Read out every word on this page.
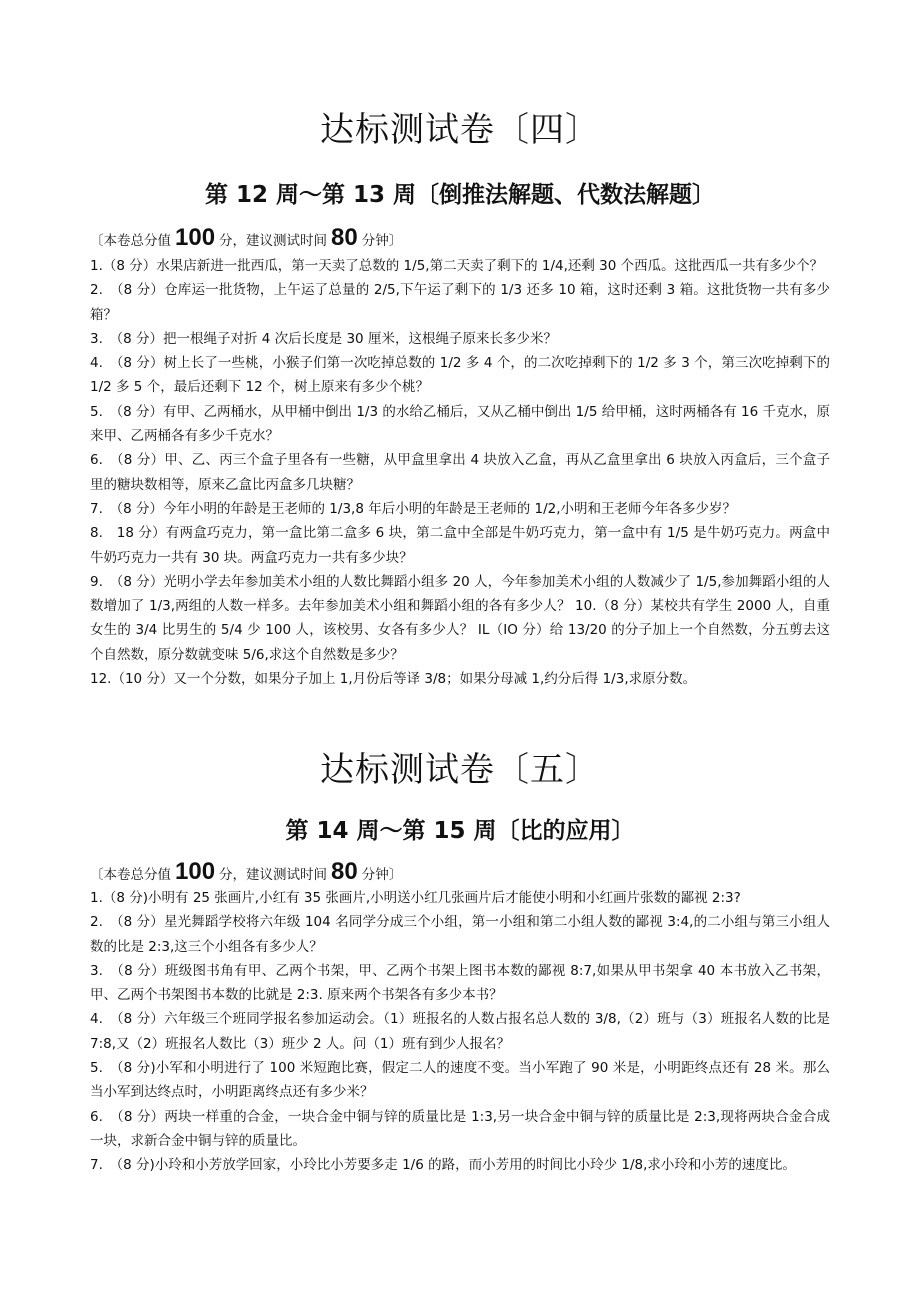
达标测试卷〔四〕
第 12 周〜第 13 周〔倒推法解题、代数法解题〕

〔本卷总分值 100 分，建议测试时间 80 分钟〕

1.（8 分）水果店新进一批西瓜，第一天卖了总数的 1/5,第二天卖了剩下的 1/4,还剩 30 个西瓜。这批西瓜一共有多少个？
2.　（8 分）仓库运一批货物，上午运了总量的 2/5,下午运了剩下的 1/3 还多 10 箱，这时还剩 3 箱。这批货物一共有多少箱？
3.　（8 分）把一根绳子对折 4 次后长度是 30 厘米，这根绳子原来长多少米？
4.　（8 分）树上长了一些桃，小猴子们第一次吃掉总数的 1/2 多 4 个，的二次吃掉剩下的 1/2 多 3 个，第三次吃掉剩下的 1/2 多 5 个，最后还剩下 12 个，树上原来有多少个桃？
5.　（8 分）有甲、乙两桶水，从甲桶中倒出 1/3 的水给乙桶后，又从乙桶中倒出 1/5 给甲桶，这时两桶各有 16 千克水，原来甲、乙两桶各有多少千克水？
6.　（8 分）甲、乙、丙三个盒子里各有一些糖，从甲盒里拿出 4 块放入乙盒，再从乙盒里拿出 6 块放入丙盒后，三个盒子里的糖块数相等，原来乙盒比丙盒多几块糖？
7.　（8 分）今年小明的年龄是王老师的 1/3,8 年后小明的年龄是王老师的 1/2,小明和王老师今年各多少岁？
8.　18 分）有两盒巧克力，第一盒比第二盒多 6 块，第二盒中全部是牛奶巧克力，第一盒中有 1/5 是牛奶巧克力。两盒中牛奶巧克力一共有 30 块。两盒巧克力一共有多少块？
9.　（8 分）光明小学去年参加美术小组的人数比舞蹈小组多 20 人，今年参加美术小组的人数减少了 1/5,参加舞蹈小组的人数增加了 1/3,两组的人数一样多。去年参加美术小组和舞蹈小组的各有多少人？ 10.（8 分）某校共有学生 2000 人，自重女生的 3/4 比男生的 5/4 少 100 人，该校男、女各有多少人？ IL（IO 分）给 13/20 的分子加上一个自然数，分五剪去这个自然数，原分数就变味 5/6,求这个自然数是多少？
12.（10 分）又一个分数，如果分子加上 1,月份后等译 3/8；如果分母减 1,约分后得 1/3,求原分数。
达标测试卷〔五〕
第 14 周〜第 15 周〔比的应用〕

〔本卷总分值 100 分，建议测试时间 80 分钟〕

1.（8 分)小明有 25 张画片,小红有 35 张画片,小明送小红几张画片后才能使小明和小红画片张数的鄙视 2:3?
2.　（8 分）星光舞蹈学校将六年级 104 名同学分成三个小组，第一小组和第二小组人数的鄙视 3:4,的二小组与第三小组人数的比是 2:3,这三个小组各有多少人？
3.　（8 分）班级图书角有甲、乙两个书架，甲、乙两个书架上图书本数的鄙视 8:7,如果从甲书架拿 40 本书放入乙书架，甲、乙两个书架图书本数的比就是 2:3. 原来两个书架各有多少本书？
4.　（8 分）六年级三个班同学报名参加运动会。（1）班报名的人数占报名总人数的 3/8,（2）班与（3）班报名人数的比是 7:8,又（2）班报名人数比（3）班少 2 人。问（1）班有到少人报名？
5.　（8 分)小军和小明进行了 100 米短跑比赛，假定二人的速度不变。当小军跑了 90 米是，小明距终点还有 28 米。那么当小军到达终点时，小明距离终点还有多少米？
6.　（8 分）两块一样重的合金，一块合金中铜与锌的质量比是 1:3,另一块合金中铜与锌的质量比是 2:3,现将两块合金合成一块，求新合金中铜与锌的质量比。
7.　（8 分)小玲和小芳放学回家，小玲比小芳要多走 1/6 的路，而小芳用的时间比小玲少 1/8,求小玲和小芳的速度比。
